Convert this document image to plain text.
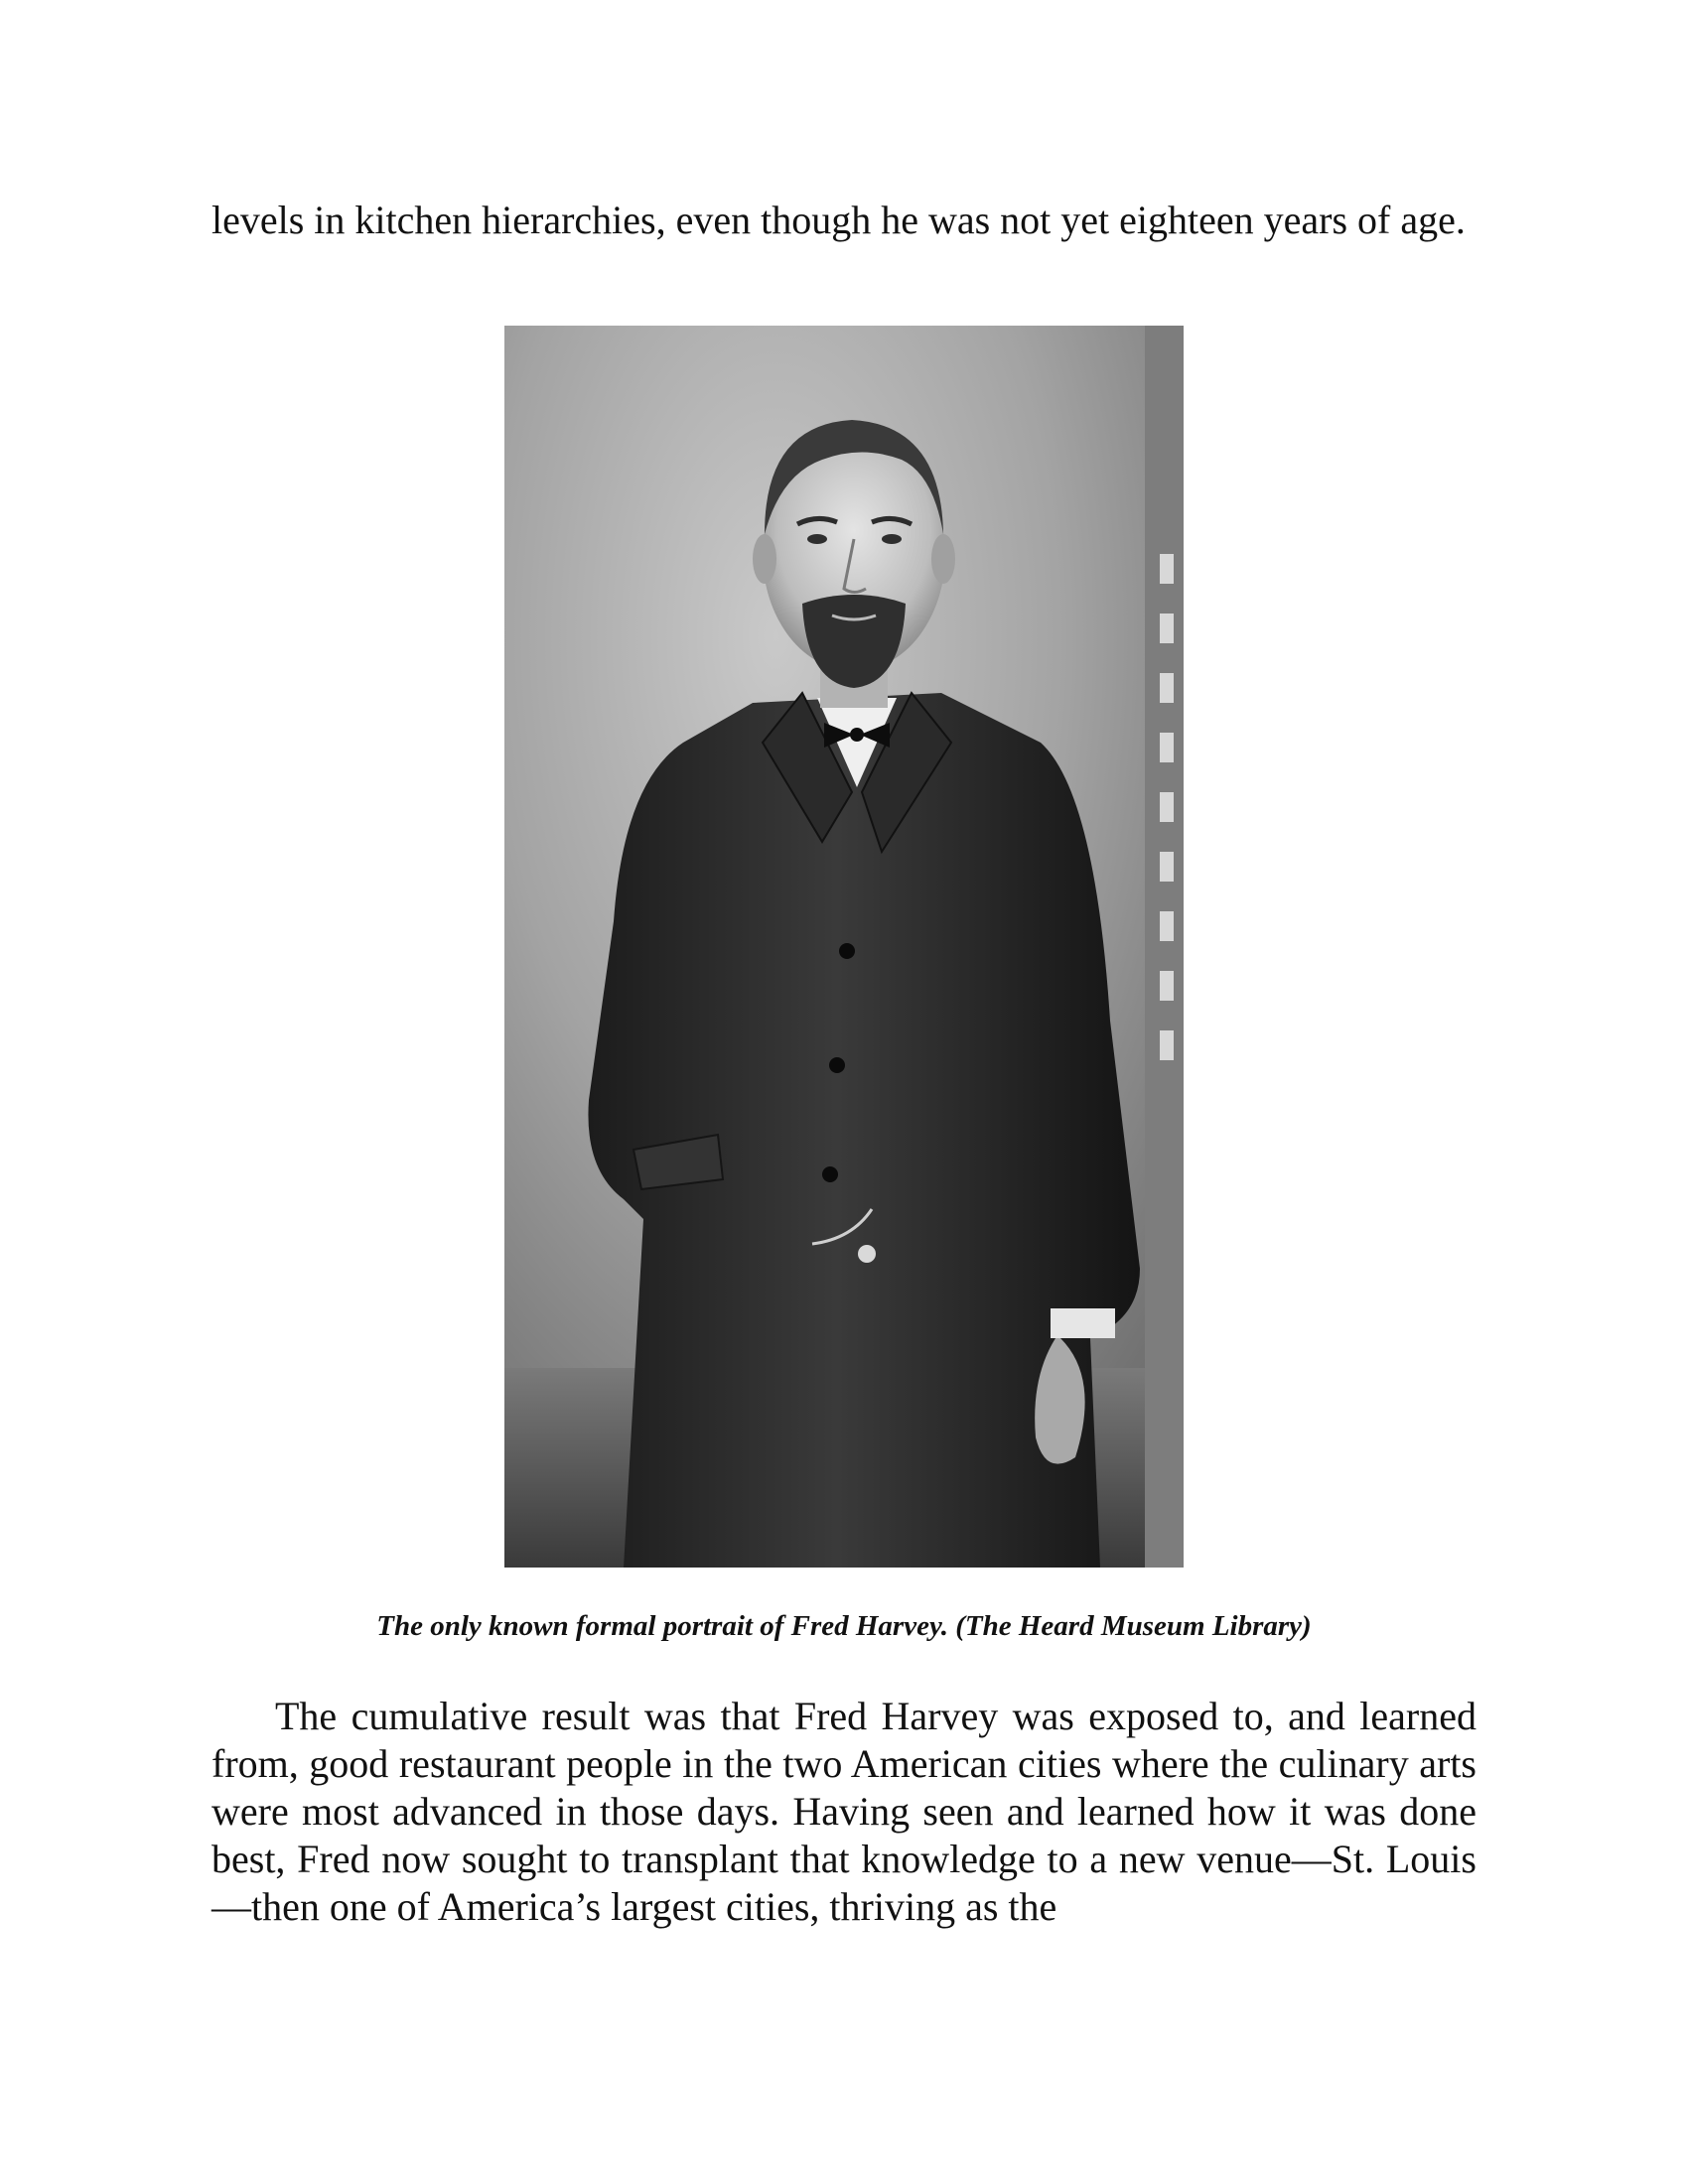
levels in kitchen hierarchies, even though he was not yet eighteen years of age.

The only known formal portrait of Fred Harvey. (The Heard Museum Library)

The cumulative result was that Fred Harvey was exposed to, and learned from, good restaurant people in the two American cities where the culinary arts were most advanced in those days. Having seen and learned how it was done best, Fred now sought to transplant that knowledge to a new venue—St. Louis—then one of America’s largest cities, thriving as the
